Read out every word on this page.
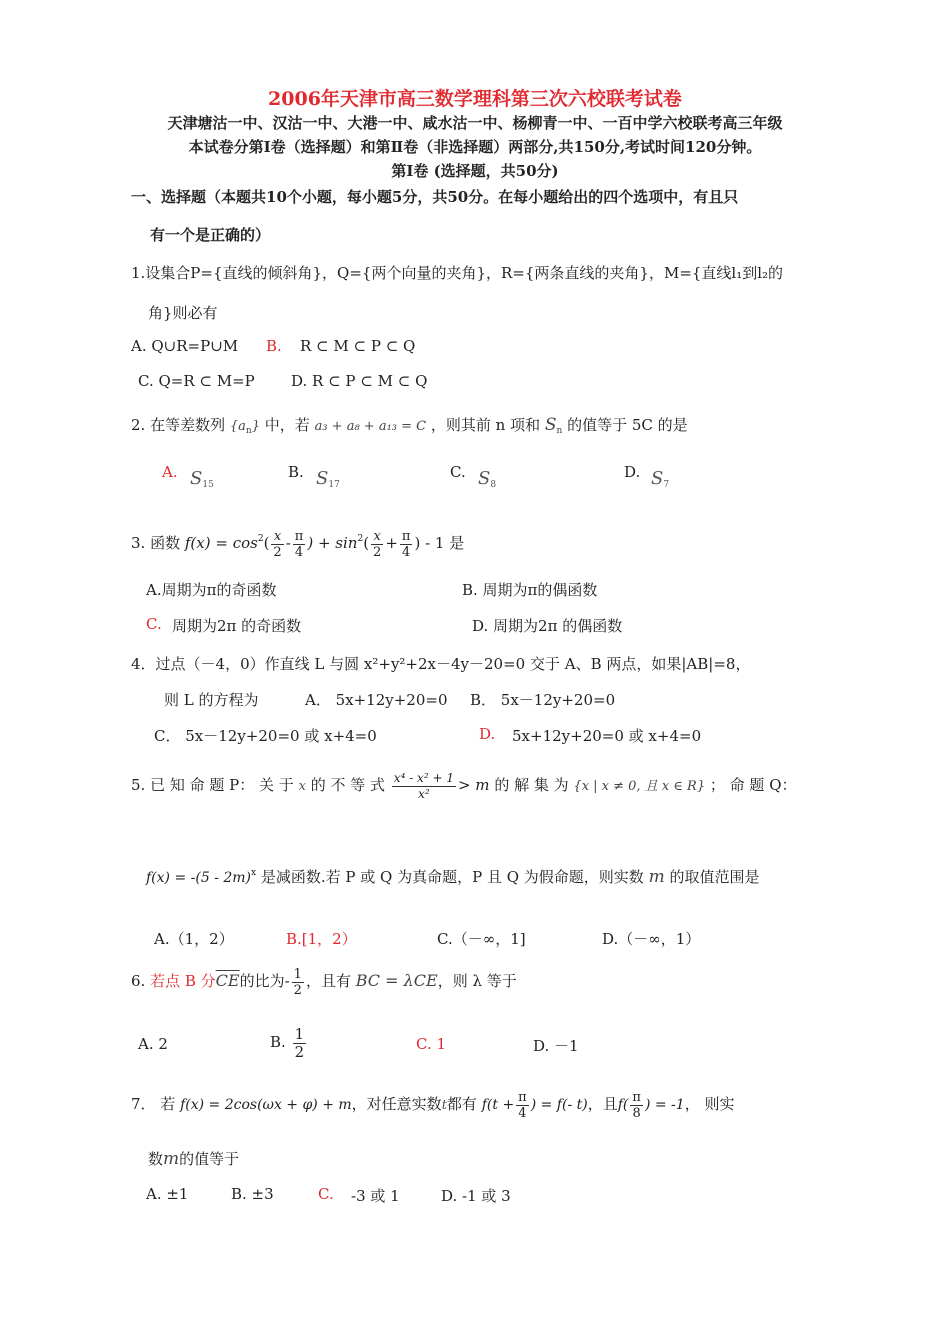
2006年天津市高三数学理科第三次六校联考试卷
天津塘沽一中、汉沽一中、大港一中、咸水沽一中、杨柳青一中、一百中学六校联考高三年级
本试卷分第Ⅰ卷（选择题）和第Ⅱ卷（非选择题）两部分,共150分,考试时间120分钟。
第Ⅰ卷 (选择题，共50分)
一、选择题（本题共10个小题，每小题5分，共50分。在每小题给出的四个选项中，有且只
有一个是正确的）
1.设集合P={直线的倾斜角}，Q={两个向量的夹角}，R={两条直线的夹角}，M={直线l₁到l₂的
角}则必有
A. Q∪R=P∪M B. R ⊂ M ⊂ P ⊂ Q
C. Q=R ⊂ M=P D. R ⊂ P ⊂ M ⊂ Q
2. 在等差数列 $\{a_n\}$ 中，若 a₃ + a₈ + a₁₃ = C ，则其前 n 项和 $S_n$ 的值等于 5C 的是
A. $S_{15}$
B. $S_{17}$
C. $S_8$
D. $S_7$
3. 函数 $f(x) = \cos^2( \frac{x}{2} - \frac{\pi}{4}$ ) + $\sin^2( \frac{x}{2} + \frac{\pi}{4}$ ) - 1 是
A.周期为π的奇函数	B. 周期为π的偶函数
C. 周期为2π 的奇函数	D. 周期为2π 的偶函数
4．过点（－4，0）作直线 L 与圆 x²+y²+2x－4y－20=0 交于 A、B 两点，如果|AB|=8，
则 L 的方程为	A． 5x+12y+20=0 B． 5x－12y+20=0
C． 5x－12y+20=0 或 x+4=0	D. 5x+12y+20=0 或 x+4=0
5. 已 知 命 题 P： 关 于 x 的 不 等 式 $\frac{\text{x⁴ - x² + 1}}{\text{x²}} > m$ 的 解 集 为 {x | x ≠ 0, 且 x ∈ R} ； 命 题 Q：
f(x) = -(5 - 2m)$^x$ 是减函数.若 P 或 Q 为真命题，P 且 Q 为假命题，则实数 m 的取值范围是
A.（1，2）	B.[1，2）	C.（－∞，1]	D.（－∞，1）
6. 若点 B 分$\overline{CE}$的比为- $\frac{1}{2}$ ，且有 BC = λCE，则 λ 等于
A. 2	B. $\frac{1}{2}$	C. 1	D. －1
7． 若 f(x) = 2cos(ωx + φ) + m，对任意实数t都有 $f(t + \frac{\pi}{4}$ ) = f(- t)，且$f( \frac{\pi}{8}$ ) = -1， 则实
数m的值等于
A. ±1	B. ±3	C. -3 或 1	D. -1 或 3
